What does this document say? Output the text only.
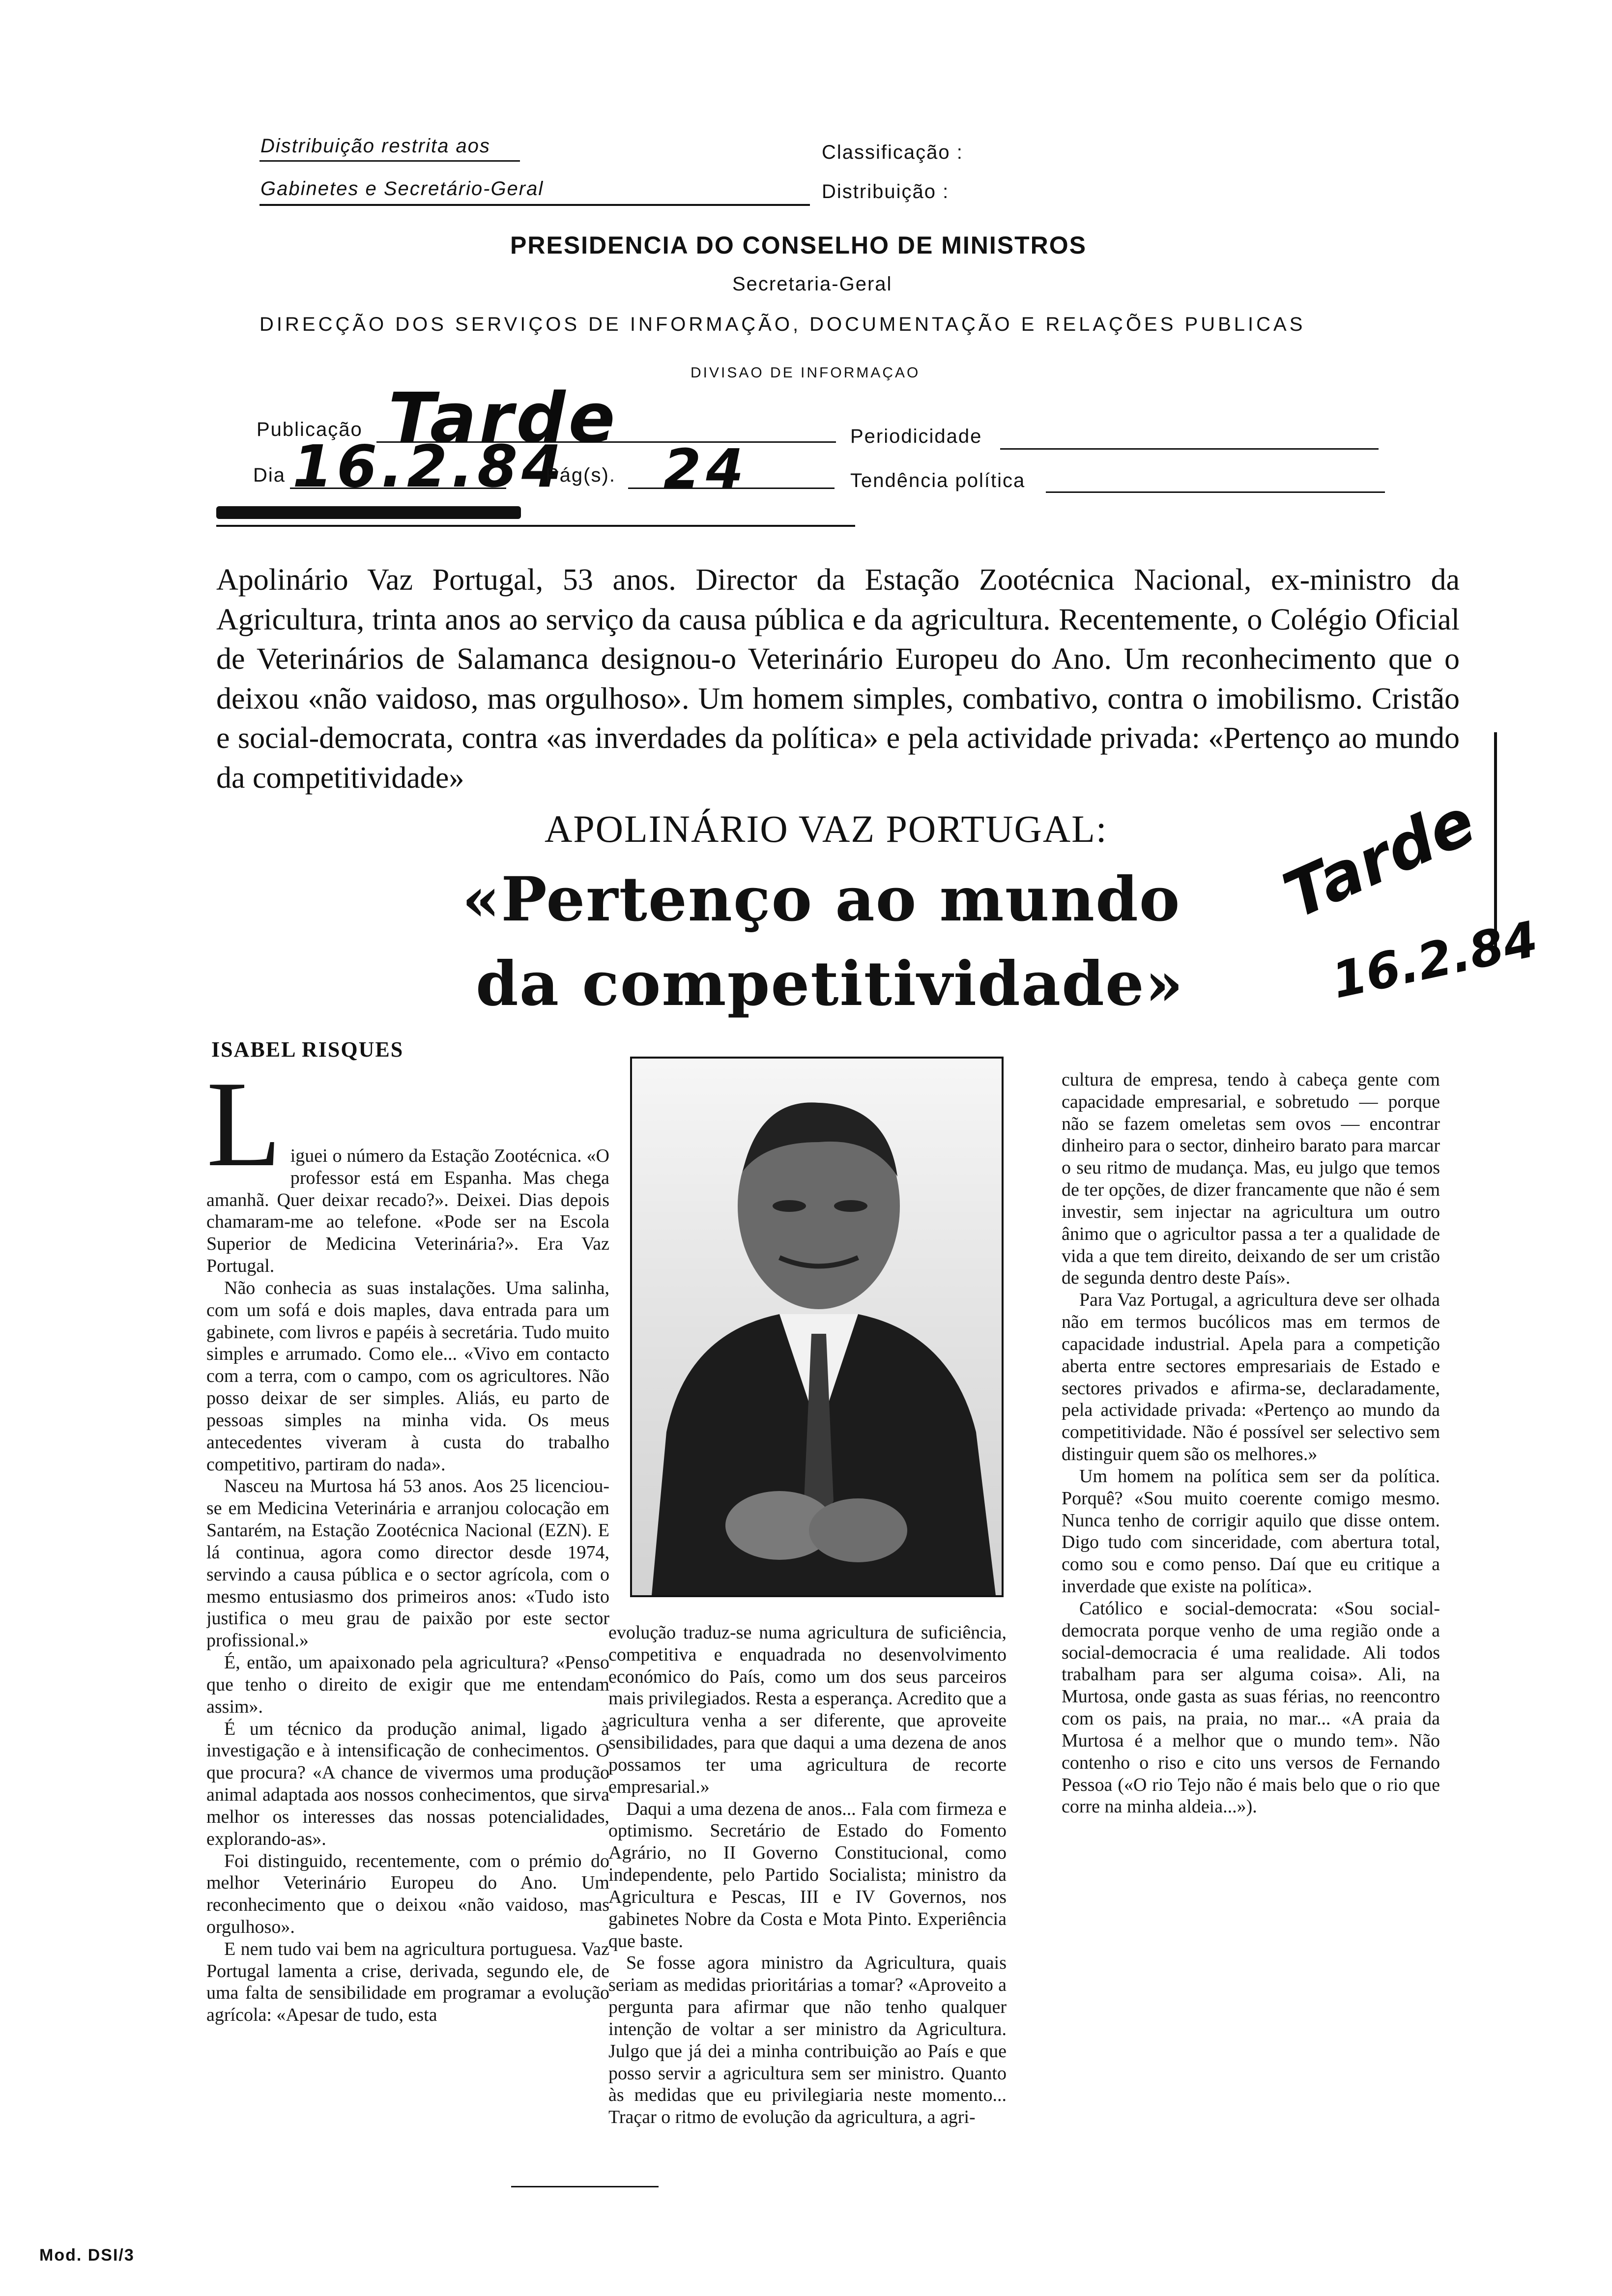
Distribuição restrita aos
Gabinetes e Secretário-Geral
Classificação :
Distribuição :
PRESIDENCIA DO CONSELHO DE MINISTROS
Secretaria-Geral
DIRECÇÃO DOS SERVIÇOS DE INFORMAÇÃO, DOCUMENTAÇÃO E RELAÇÕES PUBLICAS
DIVISAO DE INFORMAÇAO
Publicação Tarde	Periodicidade
Dia 16.2.84
Pág(s). 24	Tendência política
Apolinário Vaz Portugal, 53 anos. Director da Estação Zootécnica Nacional, ex-ministro da Agricultura, trinta anos ao serviço da causa pública e da agricultura. Recentemente, o Colégio Oficial de Veterinários de Salamanca designou-o Veterinário Europeu do Ano. Um reconhecimento que o deixou «não vaidoso, mas orgulhoso». Um homem simples, combativo, contra o imobilismo. Cristão e social-democrata, contra «as inverdades da política» e pela actividade privada: «Pertenço ao mundo da competitividade»
APOLINÁRIO VAZ PORTUGAL:
«Pertenço ao mundo
da competitividade»
Tarde
16.2.84
ISABEL RISQUES
L iguei o número da Estação Zootécnica. «O professor está em Espanha. Mas chega amanhã. Quer deixar recado?». Deixei. Dias depois chamaram-me ao telefone. «Pode ser na Escola Superior de Medicina Veterinária?». Era Vaz Portugal.

Não conhecia as suas instalações. Uma salinha, com um sofá e dois maples, dava entrada para um gabinete, com livros e papéis à secretária. Tudo muito simples e arrumado. Como ele... «Vivo em contacto com a terra, com o campo, com os agricultores. Não posso deixar de ser simples. Aliás, eu parto de pessoas simples na minha vida. Os meus antecedentes viveram à custa do trabalho competitivo, partiram do nada».

Nasceu na Murtosa há 53 anos. Aos 25 licenciou-se em Medicina Veterinária e arranjou colocação em Santarém, na Estação Zootécnica Nacional (EZN). E lá continua, agora como director desde 1974, servindo a causa pública e o sector agrícola, com o mesmo entusiasmo dos primeiros anos: «Tudo isto justifica o meu grau de paixão por este sector profissional.»

É, então, um apaixonado pela agricultura? «Penso que tenho o direito de exigir que me entendam assim».

É um técnico da produção animal, ligado à investigação e à intensificação de conhecimentos. O que procura? «A chance de vivermos uma produção animal adaptada aos nossos conhecimentos, que sirva melhor os interesses das nossas potencialidades, explorando-as».

Foi distinguido, recentemente, com o prémio do melhor Veterinário Europeu do Ano. Um reconhecimento que o deixou «não vaidoso, mas orgulhoso».

E nem tudo vai bem na agricultura portuguesa. Vaz Portugal lamenta a crise, derivada, segundo ele, de uma falta de sensibilidade em programar a evolução agrícola: «Apesar de tudo, esta

evolução traduz-se numa agricultura de suficiência, competitiva e enquadrada no desenvolvimento económico do País, como um dos seus parceiros mais privilegiados. Resta a esperança. Acredito que a agricultura venha a ser diferente, que aproveite sensibilidades, para que daqui a uma dezena de anos possamos ter uma agricultura de recorte empresarial.»

Daqui a uma dezena de anos... Fala com firmeza e optimismo. Secretário de Estado do Fomento Agrário, no II Governo Constitucional, como independente, pelo Partido Socialista; ministro da Agricultura e Pescas, III e IV Governos, nos gabinetes Nobre da Costa e Mota Pinto. Experiência que baste.

Se fosse agora ministro da Agricultura, quais seriam as medidas prioritárias a tomar? «Aproveito a pergunta para afirmar que não tenho qualquer intenção de voltar a ser ministro da Agricultura. Julgo que já dei a minha contribuição ao País e que posso servir a agricultura sem ser ministro. Quanto às medidas que eu privilegiaria neste momento... Traçar o ritmo de evolução da agricultura, a agri-

cultura de empresa, tendo à cabeça gente com capacidade empresarial, e sobretudo — porque não se fazem omeletas sem ovos — encontrar dinheiro para o sector, dinheiro barato para marcar o seu ritmo de mudança. Mas, eu julgo que temos de ter opções, de dizer francamente que não é sem investir, sem injectar na agricultura um outro ânimo que o agricultor passa a ter a qualidade de vida a que tem direito, deixando de ser um cristão de segunda dentro deste País».

Para Vaz Portugal, a agricultura deve ser olhada não em termos bucólicos mas em termos de capacidade industrial. Apela para a competição aberta entre sectores empresariais de Estado e sectores privados e afirma-se, declaradamente, pela actividade privada: «Pertenço ao mundo da competitividade. Não é possível ser selectivo sem distinguir quem são os melhores.»

Um homem na política sem ser da política. Porquê? «Sou muito coerente comigo mesmo. Nunca tenho de corrigir aquilo que disse ontem. Digo tudo com sinceridade, com abertura total, como sou e como penso. Daí que eu critique a inverdade que existe na política».

Católico e social-democrata: «Sou social-democrata porque venho de uma região onde a social-democracia é uma realidade. Ali todos trabalham para ser alguma coisa». Ali, na Murtosa, onde gasta as suas férias, no reencontro com os pais, na praia, no mar... «A praia da Murtosa é a melhor que o mundo tem». Não contenho o riso e cito uns versos de Fernando Pessoa («O rio Tejo não é mais belo que o rio que corre na minha aldeia...»).

Mod. DSI/3
